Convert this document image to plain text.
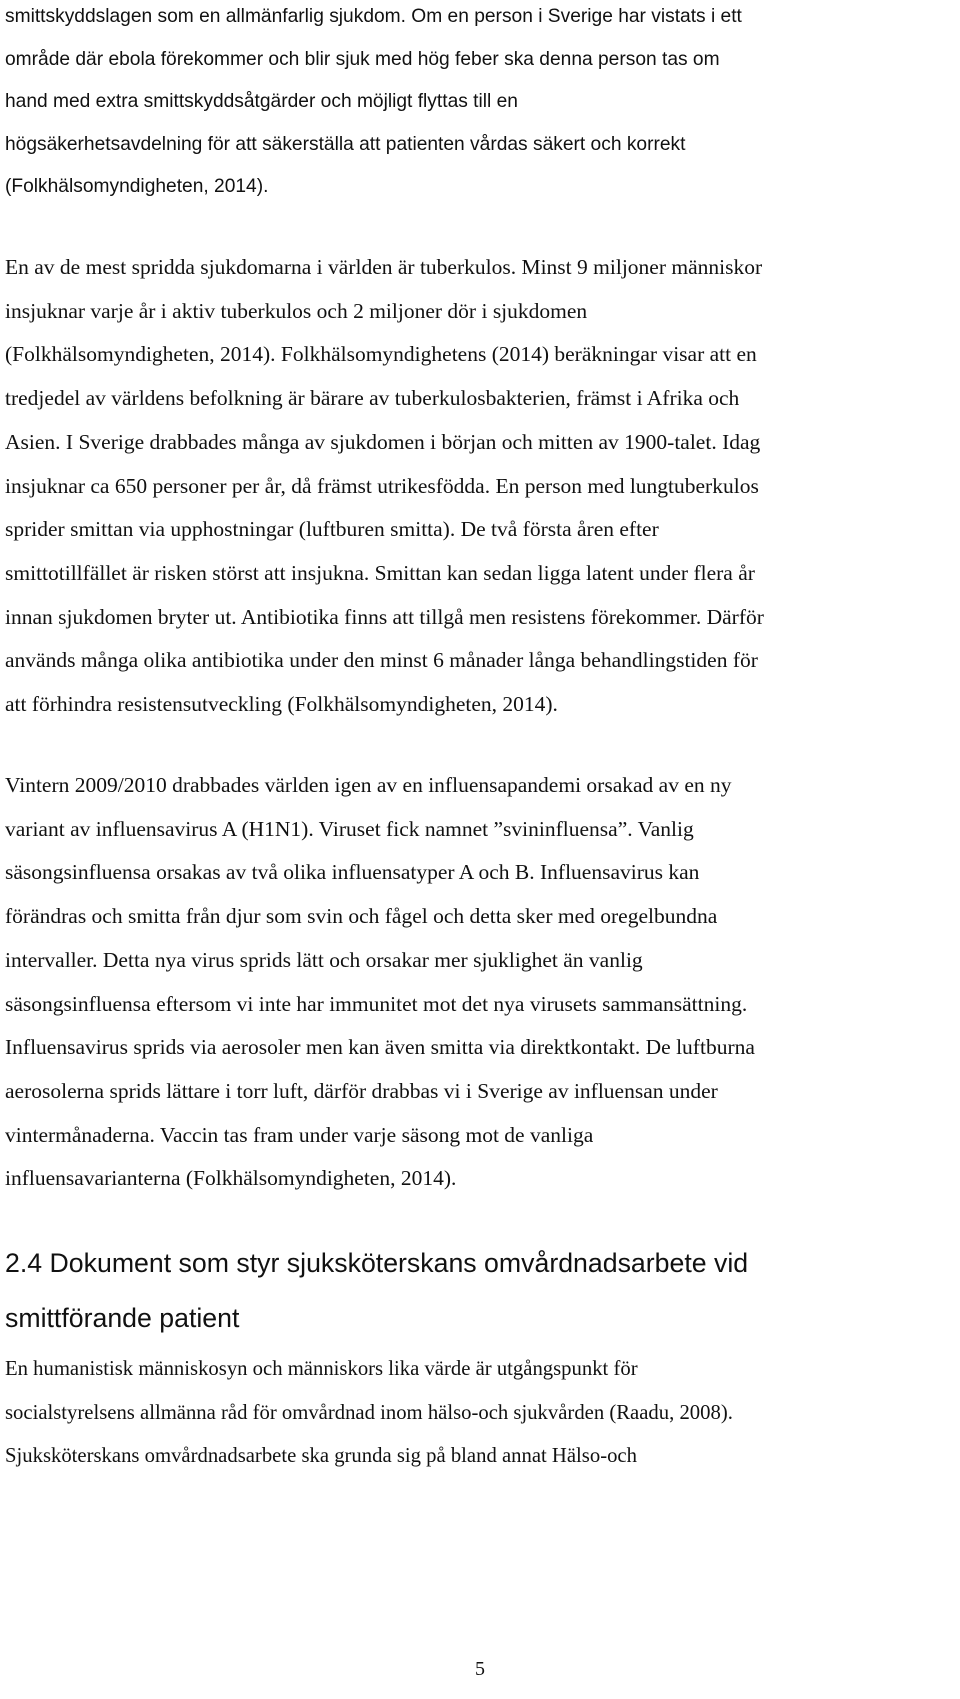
smittskyddslagen som en allmänfarlig sjukdom. Om en person i Sverige har vistats i ett
område där ebola förekommer och blir sjuk med hög feber ska denna person tas om
hand med extra smittskyddsåtgärder och möjligt flyttas till en
högsäkerhetsavdelning för att säkerställa att patienten vårdas säkert och korrekt
(Folkhälsomyndigheten, 2014).

En av de mest spridda sjukdomarna i världen är tuberkulos. Minst 9 miljoner människor
insjuknar varje år i aktiv tuberkulos och 2 miljoner dör i sjukdomen
(Folkhälsomyndigheten, 2014). Folkhälsomyndighetens (2014) beräkningar visar att en
tredjedel av världens befolkning är bärare av tuberkulosbakterien, främst i Afrika och
Asien. I Sverige drabbades många av sjukdomen i början och mitten av 1900-talet. Idag
insjuknar ca 650 personer per år, då främst utrikesfödda. En person med lungtuberkulos
sprider smittan via upphostningar (luftburen smitta). De två första åren efter
smittotillfället är risken störst att insjukna. Smittan kan sedan ligga latent under flera år
innan sjukdomen bryter ut. Antibiotika finns att tillgå men resistens förekommer. Därför
används många olika antibiotika under den minst 6 månader långa behandlingstiden för
att förhindra resistensutveckling (Folkhälsomyndigheten, 2014).

Vintern 2009/2010 drabbades världen igen av en influensapandemi orsakad av en ny
variant av influensavirus A (H1N1). Viruset fick namnet ”svininfluensa”. Vanlig
säsongsinfluensa orsakas av två olika influensatyper A och B. Influensavirus kan
förändras och smitta från djur som svin och fågel och detta sker med oregelbundna
intervaller. Detta nya virus sprids lätt och orsakar mer sjuklighet än vanlig
säsongsinfluensa eftersom vi inte har immunitet mot det nya virusets sammansättning.
Influensavirus sprids via aerosoler men kan även smitta via direktkontakt. De luftburna
aerosolerna sprids lättare i torr luft, därför drabbas vi i Sverige av influensan under
vintermånaderna. Vaccin tas fram under varje säsong mot de vanliga
influensavarianterna (Folkhälsomyndigheten, 2014).

2.4 Dokument som styr sjuksköterskans omvårdnadsarbete vid
smittförande patient

En humanistisk människosyn och människors lika värde är utgångspunkt för
socialstyrelsens allmänna råd för omvårdnad inom hälso-och sjukvården (Raadu, 2008).
Sjuksköterskans omvårdnadsarbete ska grunda sig på bland annat Hälso-och

5
